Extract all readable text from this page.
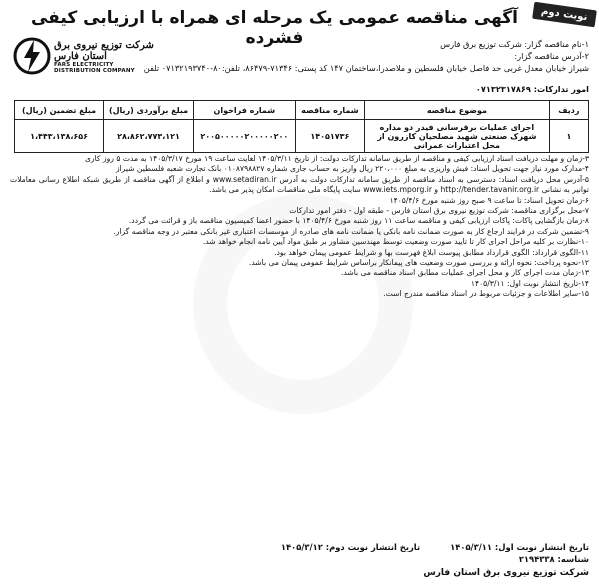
نوبت دوم
آگهی مناقصه عمومی یک مرحله ای همراه با ارزیابی کیفی فشرده
شرکت توزیع نیروی برق استان فارس
FARS ELECTRICITY DISTRIBUTION COMPANY
۱-نام مناقصه گزار: شرکت توزیع برق فارس
۲-آدرس مناقصه گزار:
شیراز خیابان معدل غربی حد فاصل خیابان فلسطین و ملاصدرا،ساختمان ۱۴۷ کد پستی: ۷۱۳۴۶-۸۶۴۷۹، تلفن:۸۰-۰۷۱۳۲۱۹۳۷۴۰ تلفن
امور تدارکات: ۰۷۱۳۲۳۱۷۸۶۹
ردیف	موضوع مناقصه	شماره مناقصه	شماره فراخوان	مبلغ برآوردی (ریال)	مبلغ تضمین (ریال)
۱	اجرای عملیات برقرسانی فیدر دو مداره شهرک صنعتی شهید مصلحیان کازرون از محل اعتبارات عمرانی	۱۴۰۵۱۷۳۶	۲۰۰۵۰۰۰۰۰۲۰۰۰۰۰۲۰۰	۲۸،۸۶۲،۷۷۳،۱۲۱	۱،۴۴۳،۱۳۸،۶۵۶

۳-زمان و مهلت دریافت اسناد ارزیابی کیفی و مناقصه از طریق سامانه تدارکات دولت: از تاریخ ۱۴۰۵/۳/۱۱ لغایت ساعت ۱۹ مورخ ۱۴۰۵/۳/۱۷ به مدت ۵ روز کاری

۴-مدارک مورد نیاز جهت تحویل اسناد: فیش واریزی به مبلغ ۲۲۰،۰۰۰ ریال واریز به حساب جاری شماره ۰۱۰۸۷۹۸۸۲۷ بانک تجارت شعبه فلسطین شیراز

۵-آدرس محل دریافت اسناد: دسترسی به اسناد مناقصه از طریق سامانه تدارکات دولت به آدرس www.setadiran.ir و اطلاع از آگهی مناقصه از طریق شبکه اطلاع رسانی معاملات توانیر به نشانی http://tender.tavanir.org.ir و www.iets.mporg.ir سایت پایگاه ملی مناقصات امکان پذیر می باشد.

۶-زمان تحویل اسناد: تا ساعت ۹ صبح روز شنبه مورخ ۱۴۰۵/۴/۶

۷-محل برگزاری مناقصه: شرکت توزیع نیروی برق استان فارس - طبقه اول - دفتر امور تدارکات

۸-زمان بازگشایی پاکات: پاکات ارزیابی کیفی و مناقصه ساعت ۱۱ روز شنبه مورخ ۱۴۰۵/۴/۶ با حضور اعضا کمیسیون مناقصه باز و قرائت می گردد.

۹-تضمین شرکت در فرایند ارجاع کار به صورت ضمانت نامه بانکی یا ضمانت نامه های صادره از موسسات اعتباری غیر بانکی معتبر در وجه مناقصه گزار.

۱۰-نظارت بر کلیه مراحل اجرای کار تا تایید صورت وضعیت توسط مهندسین مشاور بر طبق مواد آیین نامه انجام خواهد شد.

۱۱-الگوی قرارداد: الگوی قرارداد مطابق پیوست ابلاغ فهرست بها و شرایط عمومی پیمان خواهد بود.

۱۲-نحوه پرداخت: نحوه ارائه و بررسی صورت وضعیت های پیمانکار براساس شرایط عمومی پیمان می باشد.

۱۳-زمان مدت اجرای کار و محل اجرای عملیات مطابق اسناد مناقصه می باشد.

۱۴-تاریخ انتشار نوبت اول: ۱۴۰۵/۳/۱۱

۱۵-سایر اطلاعات و جزئیات مربوط در اسناد مناقصه مندرج است.

تاریخ انتشار نوبت اول: ۱۴۰۵/۳/۱۱
تاریخ انتشار نوبت دوم: ۱۴۰۵/۳/۱۲
شناسه: ۲۱۹۴۳۳۸
شرکت توزیع نیروی برق استان فارس
